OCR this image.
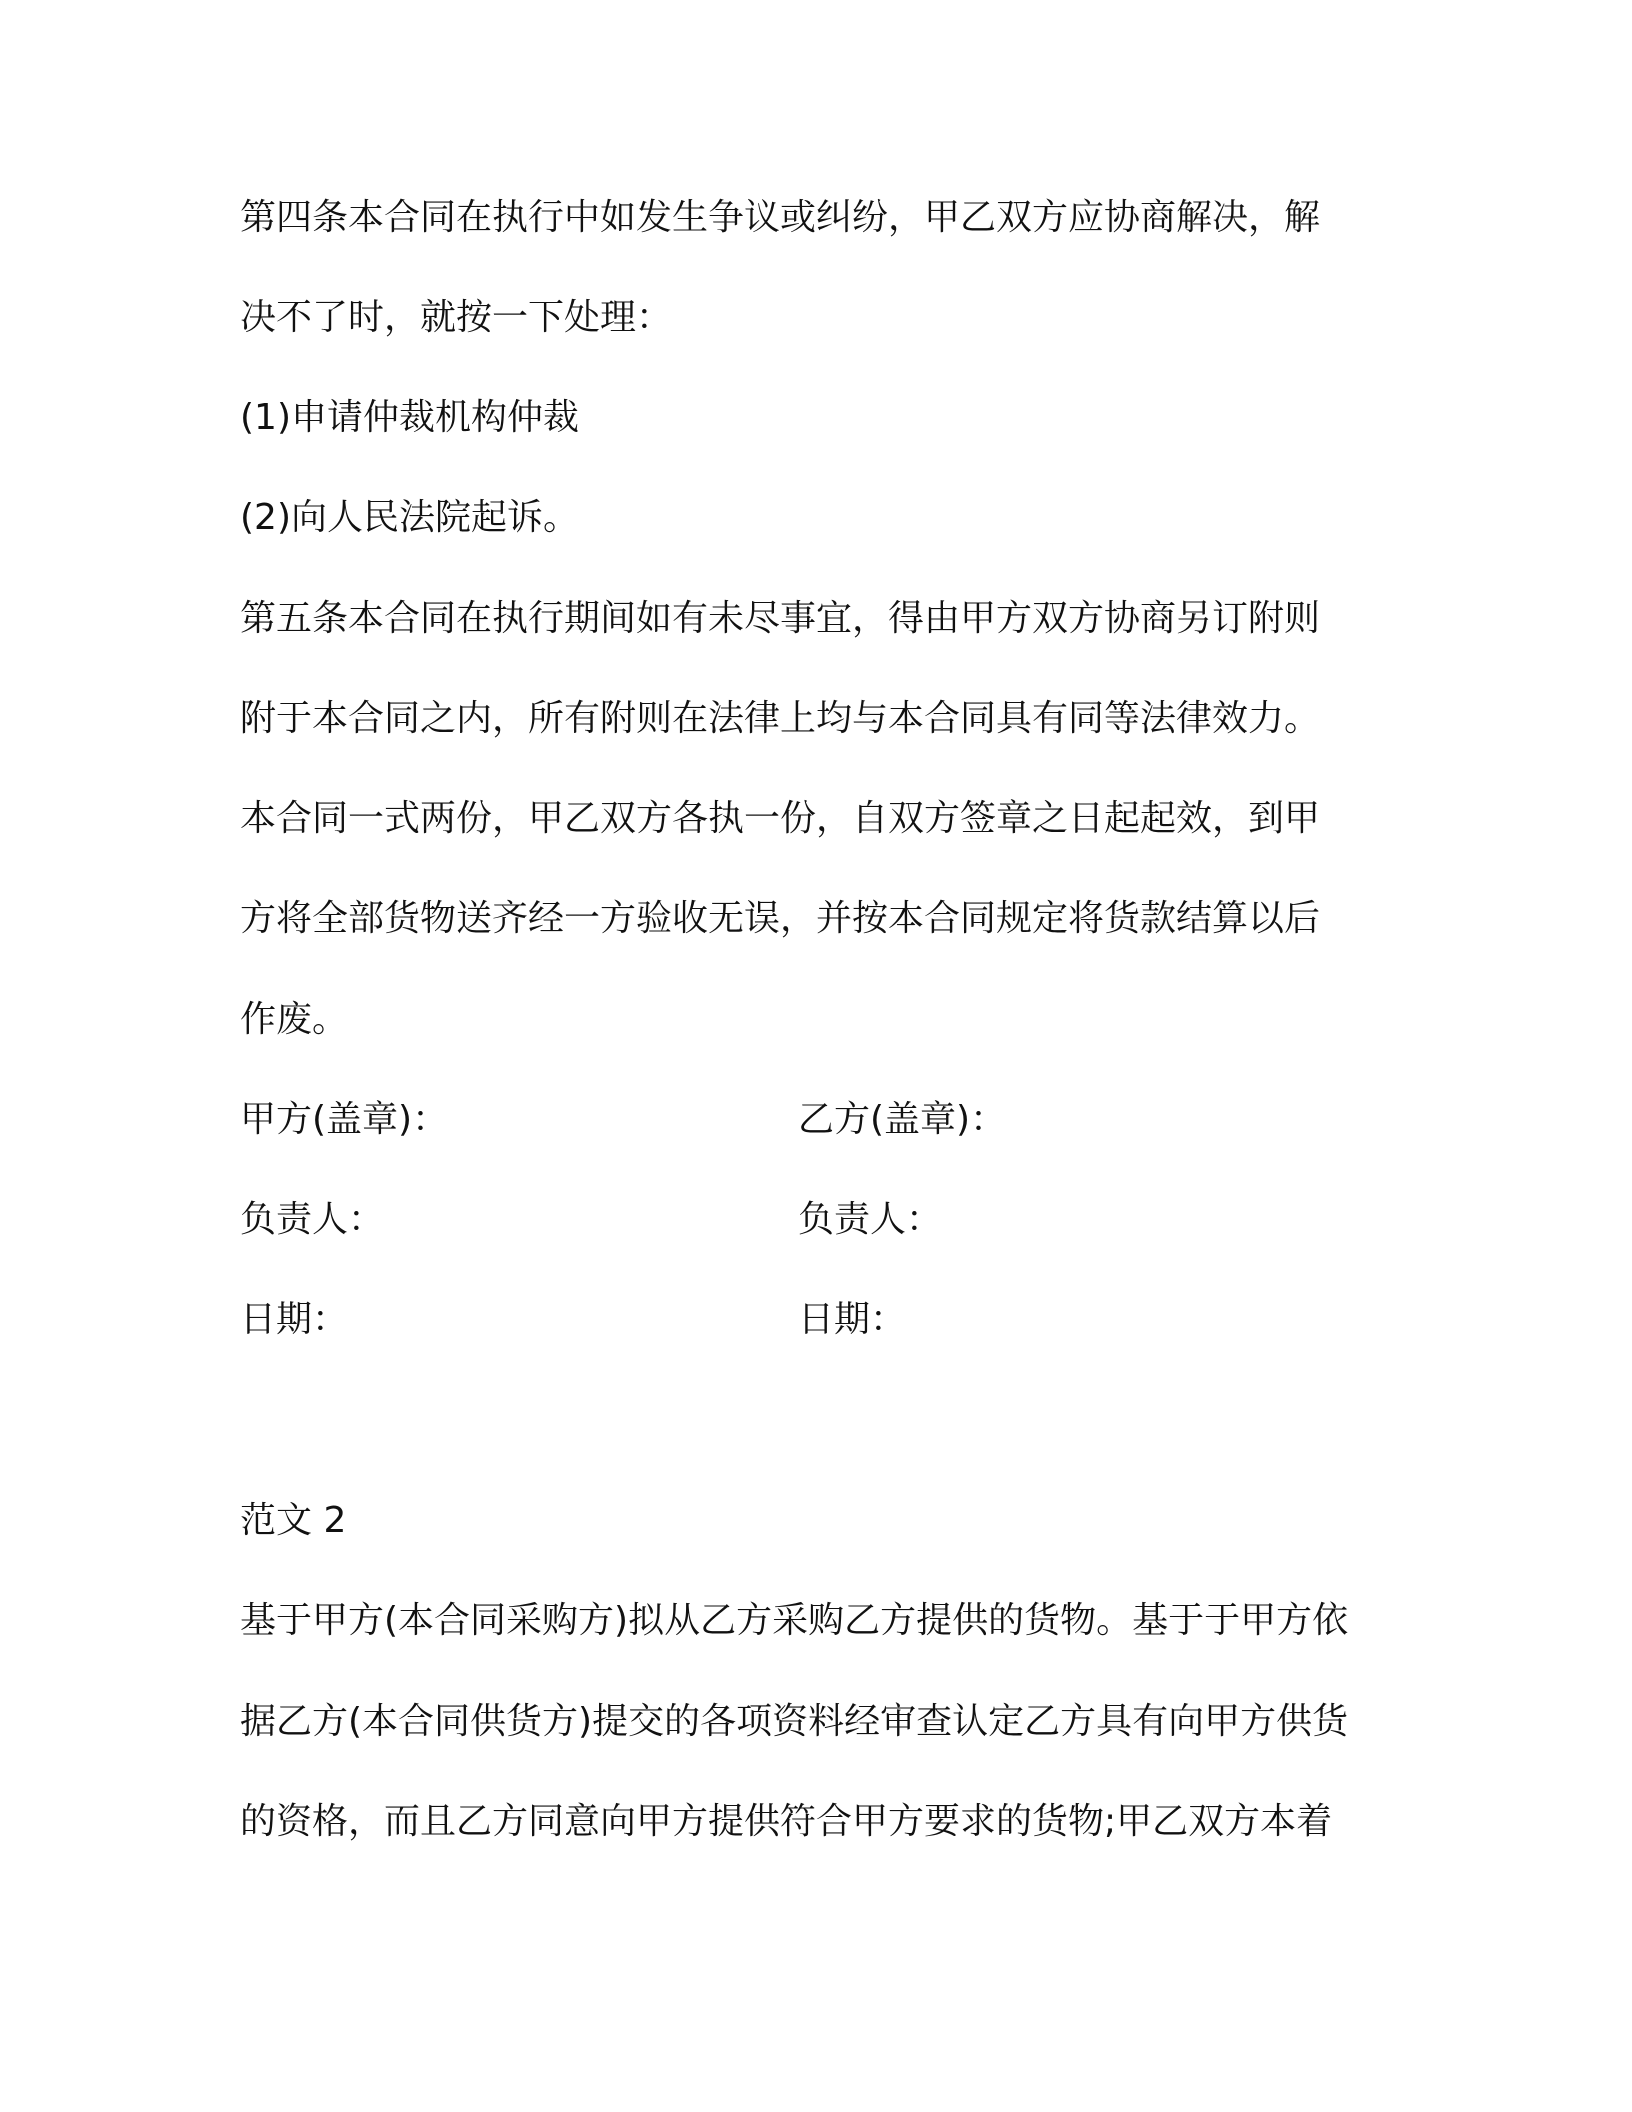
第四条本合同在执行中如发生争议或纠纷，甲乙双方应协商解决，解
决不了时，就按一下处理：
(1)申请仲裁机构仲裁
(2)向人民法院起诉。
第五条本合同在执行期间如有未尽事宜，得由甲方双方协商另订附则
附于本合同之内，所有附则在法律上均与本合同具有同等法律效力。
本合同一式两份，甲乙双方各执一份，自双方签章之日起起效，到甲
方将全部货物送齐经一方验收无误，并按本合同规定将货款结算以后
作废。
甲方(盖章)：	乙方(盖章)：
负责人：	负责人：
日期：	日期：
范文 2
基于甲方(本合同采购方)拟从乙方采购乙方提供的货物。基于于甲方依
据乙方(本合同供货方)提交的各项资料经审查认定乙方具有向甲方供货
的资格，而且乙方同意向甲方提供符合甲方要求的货物;甲乙双方本着
